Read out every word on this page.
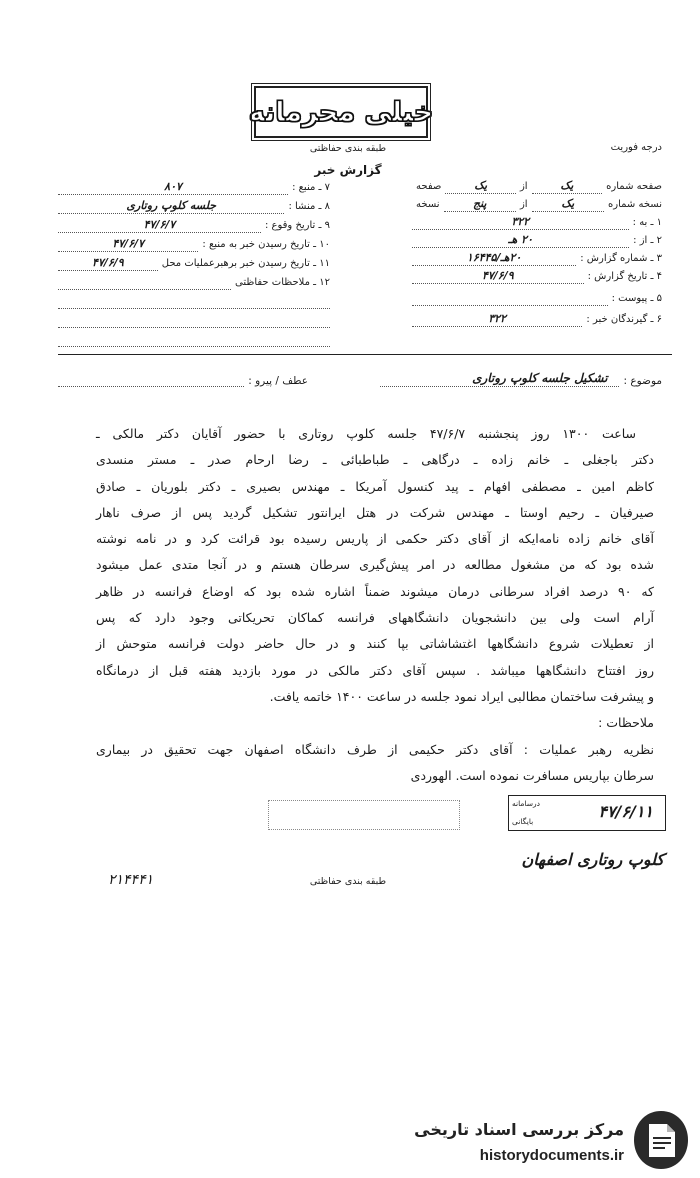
خیلی محرمانه
طبقه بندی حفاظتی	درجه فوریت
گزارش خبر
صفحه شماره
یک
از
یک
صفحه
نسخه شماره
یک
از
پنج
نسخه
۱ ـ به :
۳۲۲
۲ ـ از :
۲۰ هـ
۳ ـ شماره گزارش :
۲۰هـ/۱۶۴۴۵
۴ ـ تاریخ گزارش :
۴۷/۶/۹
۵ ـ پیوست :
۶ ـ گیرندگان خبر :
۳۲۲
۷ ـ منبع :
۸۰۷
۸ ـ منشا :
جلسه کلوپ روتاری
۹ ـ تاریخ وقوع :
۴۷/۶/۷
۱۰ ـ تاریخ رسیدن خبر به منبع :
۴۷/۶/۷
۱۱ ـ تاریخ رسیدن خبر برهبرعملیات محل
۴۷/۶/۹
۱۲ ـ ملاحظات حفاظتی
موضوع :
تشکیل جلسه کلوپ روتاری
عطف / پیرو :
ساعت ۱۳۰۰ روز پنجشنبه ۴۷/۶/۷ جلسه کلوپ روتاری با حضور آقایان دکتر مالکی ـ
دکتر باجغلی ـ خانم زاده ـ درگاهی ـ طباطبائی ـ رضا ارحام صدر ـ مستر منسدی
کاظم امین ـ مصطفی افهام ـ پید کنسول آمریکا ـ مهندس بصیری ـ دکتر بلوریان ـ صادق
صیرفیان ـ رحیم اوستا ـ مهندس شرکت در هتل ایرانتور تشکیل گردید پس از صرف ناهار
آقای خانم زاده نامه‌ایکه از آقای دکتر حکمی از پاریس رسیده بود قرائت کرد و در نامه نوشته
شده بود که من مشغول مطالعه در امر پیش‌گیری سرطان هستم و در آنجا متدی عمل میشود
که ۹۰ درصد افراد سرطانی درمان میشوند ضمناً اشاره شده بود که اوضاع فرانسه در ظاهر
آرام است ولی بین دانشجویان دانشگاههای فرانسه کماکان تحریکاتی وجود دارد که پس
از تعطیلات شروع دانشگاهها اغتشاشاتی بپا کنند و در حال حاضر دولت فرانسه متوحش از
روز افتتاح دانشگاهها میباشد . سپس آقای دکتر مالکی در مورد بازدید هفته قبل از درمانگاه
و پیشرفت ساختمان مطالبی ایراد نمود جلسه در ساعت ۱۴۰۰ خاتمه یافت.
ملاحظات :
نظریه رهبر عملیات : آقای دکتر حکیمی از طرف دانشگاه اصفهان جهت تحقیق در بیماری
سرطان بپاریس مسافرت نموده است. الهوردی
درسامانه
بایگانی
۴۷/۶/۱۱
کلوپ روتاری اصفهان
طبقه بندی حفاظتی
۲۱۴۴۴۱
مرکز بررسی اسناد تاریخی
historydocuments.ir
